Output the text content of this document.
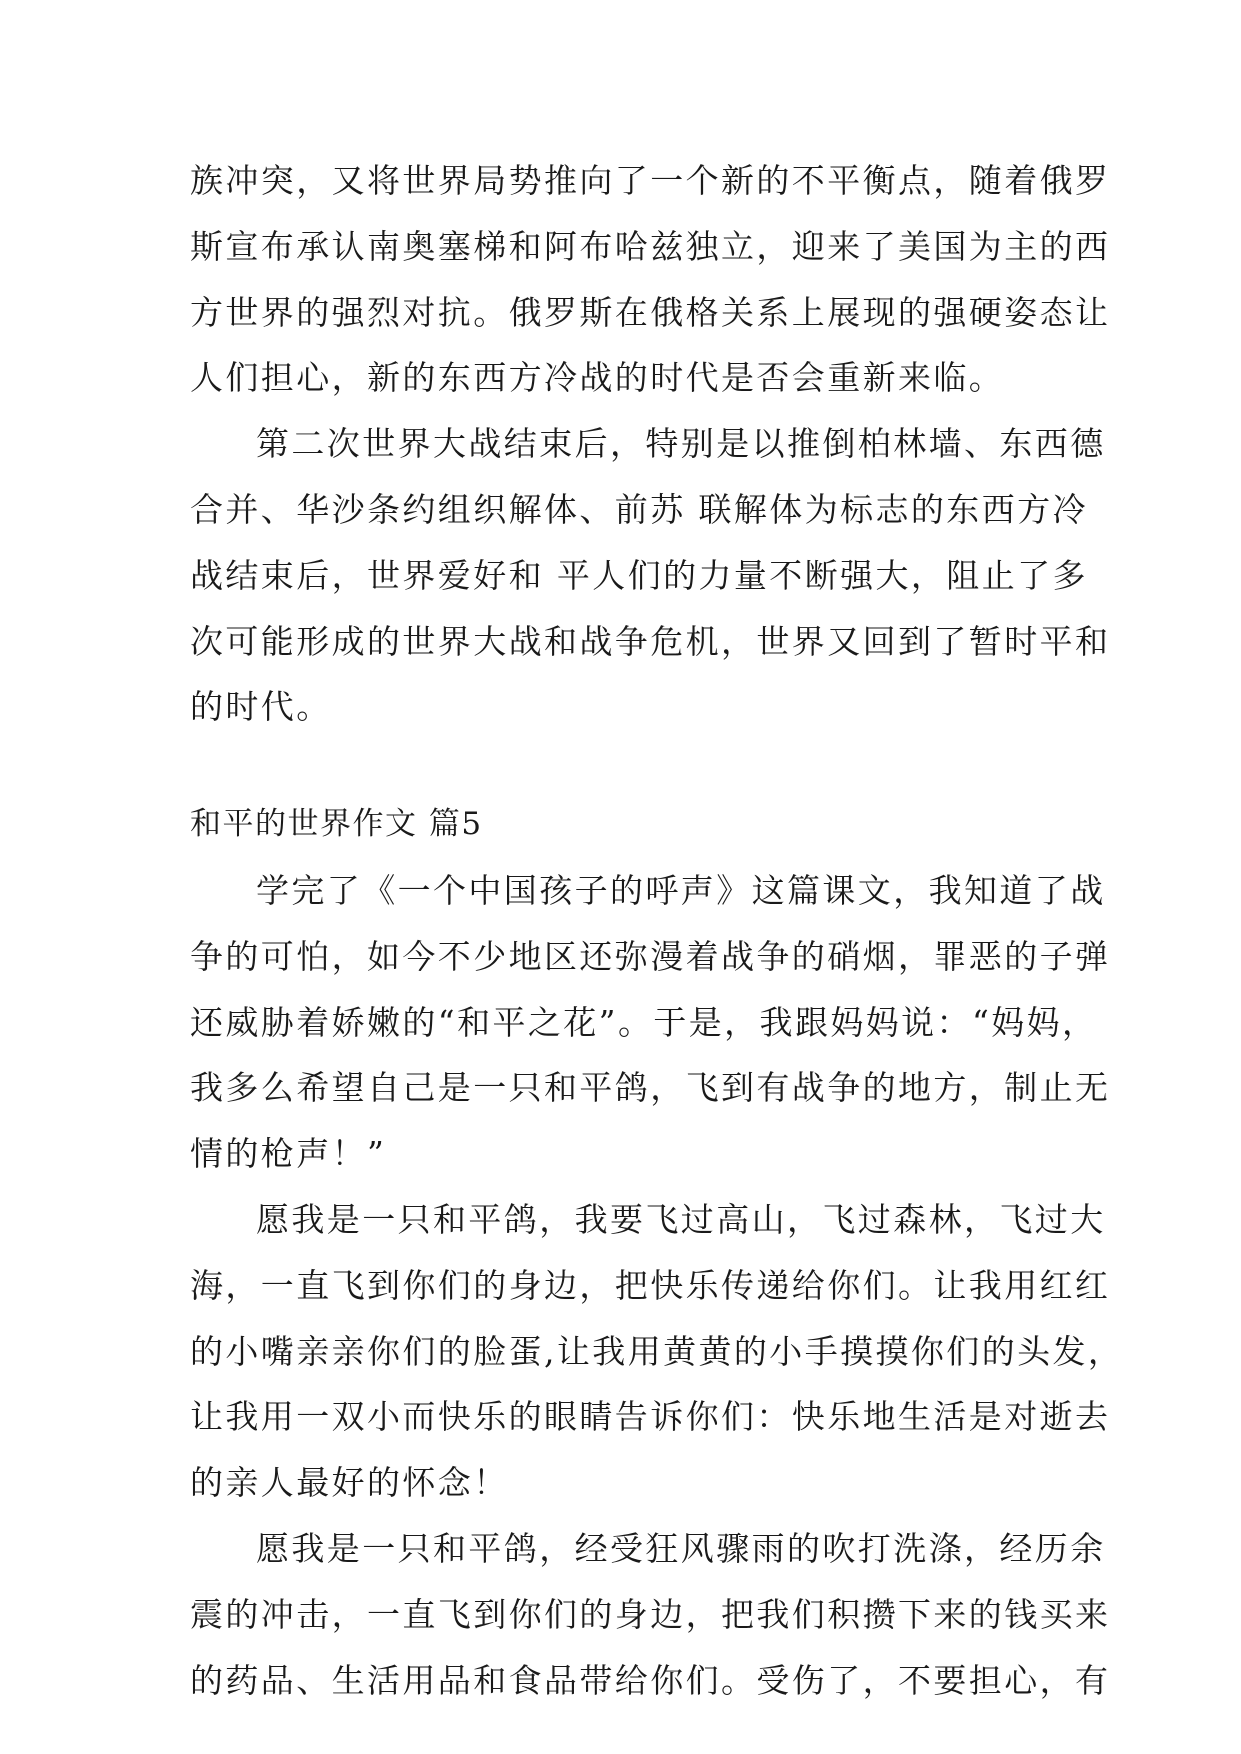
族冲突，又将世界局势推向了一个新的不平衡点，随着俄罗
斯宣布承认南奥塞梯和阿布哈兹独立，迎来了美国为主的西
方世界的强烈对抗。俄罗斯在俄格关系上展现的强硬姿态让
人们担心，新的东西方冷战的时代是否会重新来临。
第二次世界大战结束后，特别是以推倒柏林墙、东西德
合并、华沙条约组织解体、前苏 联解体为标志的东西方冷
战结束后，世界爱好和 平人们的力量不断强大，阻止了多
次可能形成的世界大战和战争危机，世界又回到了暂时平和
的时代。
和平的世界作文 篇5
学完了《一个中国孩子的呼声》这篇课文，我知道了战
争的可怕，如今不少地区还弥漫着战争的硝烟，罪恶的子弹
还威胁着娇嫩的“和平之花”。于是，我跟妈妈说：“妈妈，
我多么希望自己是一只和平鸽，飞到有战争的地方，制止无
情的枪声！”
愿我是一只和平鸽，我要飞过高山，飞过森林，飞过大
海，一直飞到你们的身边，把快乐传递给你们。让我用红红
的小嘴亲亲你们的脸蛋,让我用黄黄的小手摸摸你们的头发，
让我用一双小而快乐的眼睛告诉你们：快乐地生活是对逝去
的亲人最好的怀念！
愿我是一只和平鸽，经受狂风骤雨的吹打洗涤，经历余
震的冲击，一直飞到你们的身边，把我们积攒下来的钱买来
的药品、生活用品和食品带给你们。受伤了，不要担心，有
